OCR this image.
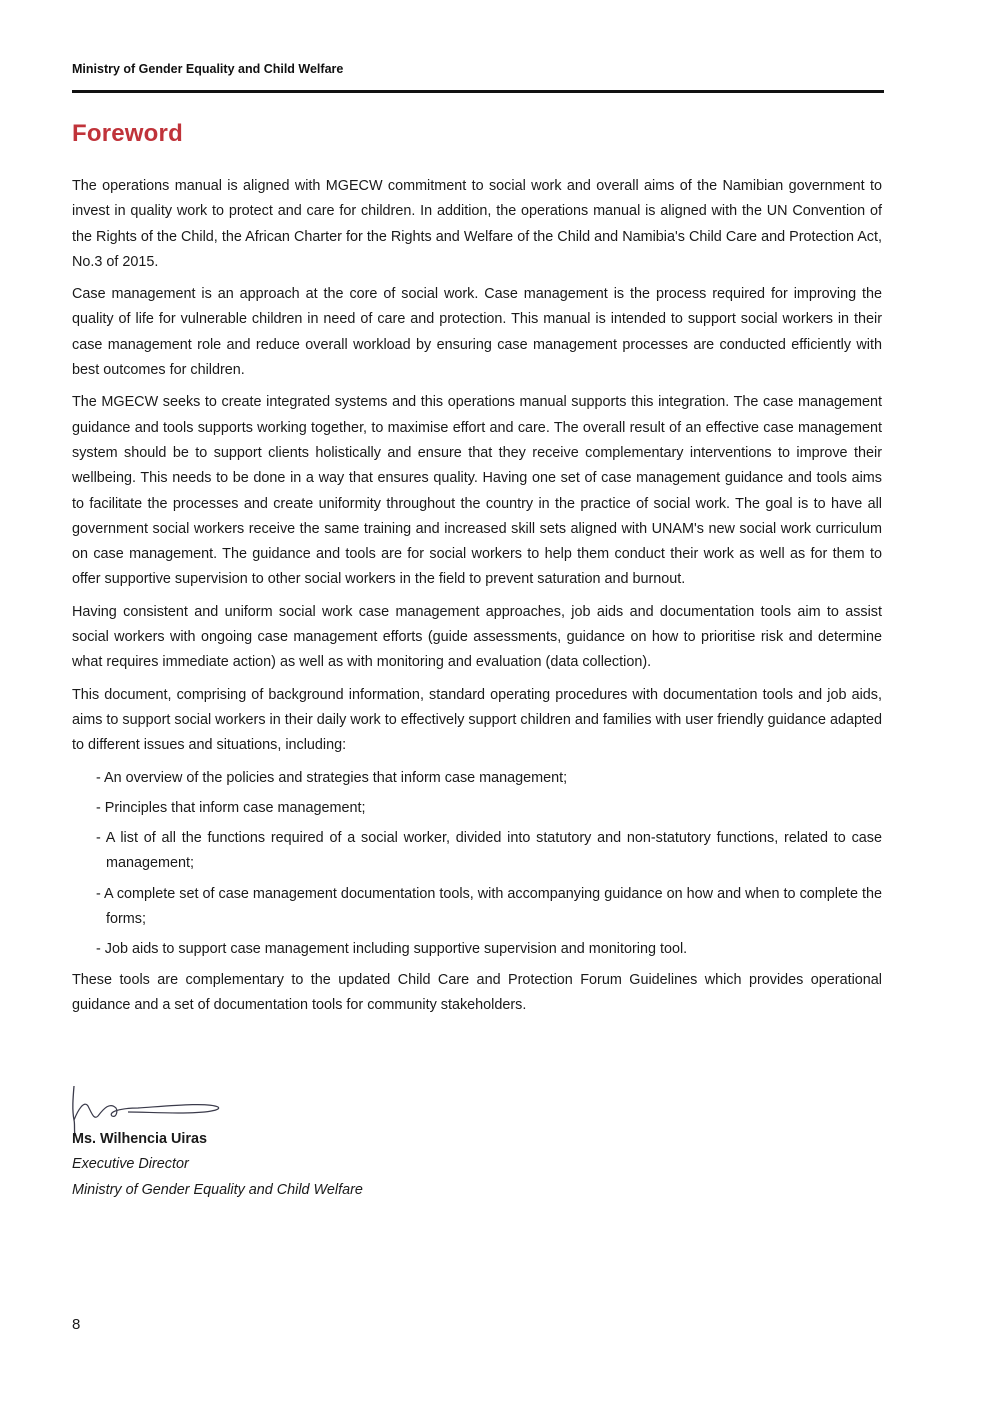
Ministry of Gender Equality and Child Welfare
Foreword

The operations manual is aligned with MGECW commitment to social work and overall aims of the Namibian government to invest in quality work to protect and care for children. In addition, the operations manual is aligned with the UN Convention of the Rights of the Child, the African Charter for the Rights and Welfare of the Child and Namibia's Child Care and Protection Act, No.3 of 2015.

Case management is an approach at the core of social work. Case management is the process required for improving the quality of life for vulnerable children in need of care and protection. This manual is intended to support social workers in their case management role and reduce overall workload by ensuring case management processes are conducted efficiently with best outcomes for children.

The MGECW seeks to create integrated systems and this operations manual supports this integration. The case management guidance and tools supports working together, to maximise effort and care. The overall result of an effective case management system should be to support clients holistically and ensure that they receive complementary interventions to improve their wellbeing. This needs to be done in a way that ensures quality. Having one set of case management guidance and tools aims to facilitate the processes and create uniformity throughout the country in the practice of social work. The goal is to have all government social workers receive the same training and increased skill sets aligned with UNAM's new social work curriculum on case management. The guidance and tools are for social workers to help them conduct their work as well as for them to offer supportive supervision to other social workers in the field to prevent saturation and burnout.

Having consistent and uniform social work case management approaches, job aids and documentation tools aim to assist social workers with ongoing case management efforts (guide assessments, guidance on how to prioritise risk and determine what requires immediate action) as well as with monitoring and evaluation (data collection).

This document, comprising of background information, standard operating procedures with documentation tools and job aids, aims to support social workers in their daily work to effectively support children and families with user friendly guidance adapted to different issues and situations, including:

- An overview of the policies and strategies that inform case management;
- Principles that inform case management;
- A list of all the functions required of a social worker, divided into statutory and non-statutory functions, related to case management;
- A complete set of case management documentation tools, with accompanying guidance on how and when to complete the forms;
- Job aids to support case management including supportive supervision and monitoring tool.

These tools are complementary to the updated Child Care and Protection Forum Guidelines which provides operational guidance and a set of documentation tools for community stakeholders.

Ms. Wilhencia Uiras
Executive Director
Ministry of Gender Equality and Child Welfare
8
